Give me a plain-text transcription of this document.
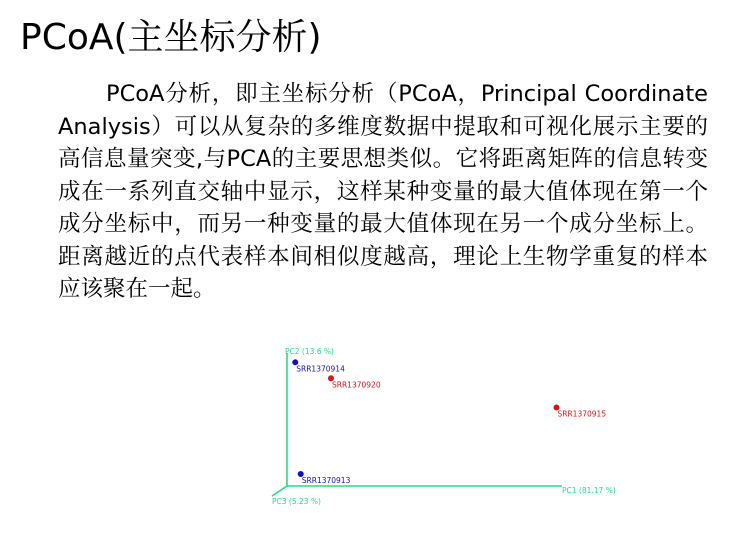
PCoA(主坐标分析)

PCoA分析，即主坐标分析（PCoA，Principal Coordinate Analysis）可以从复杂的多维度数据中提取和可视化展示主要的高信息量突变,与PCA的主要思想类似。它将距离矩阵的信息转变成在一系列直交轴中显示，这样某种变量的最大值体现在第一个成分坐标中，而另一种变量的最大值体现在另一个成分坐标上。距离越近的点代表样本间相似度越高，理论上生物学重复的样本应该聚在一起。

PC2 (13.6 %)
PC1 (81.17 %)
PC3 (5.23 %)
SRR1370914
SRR1370920
SRR1370915
SRR1370913
